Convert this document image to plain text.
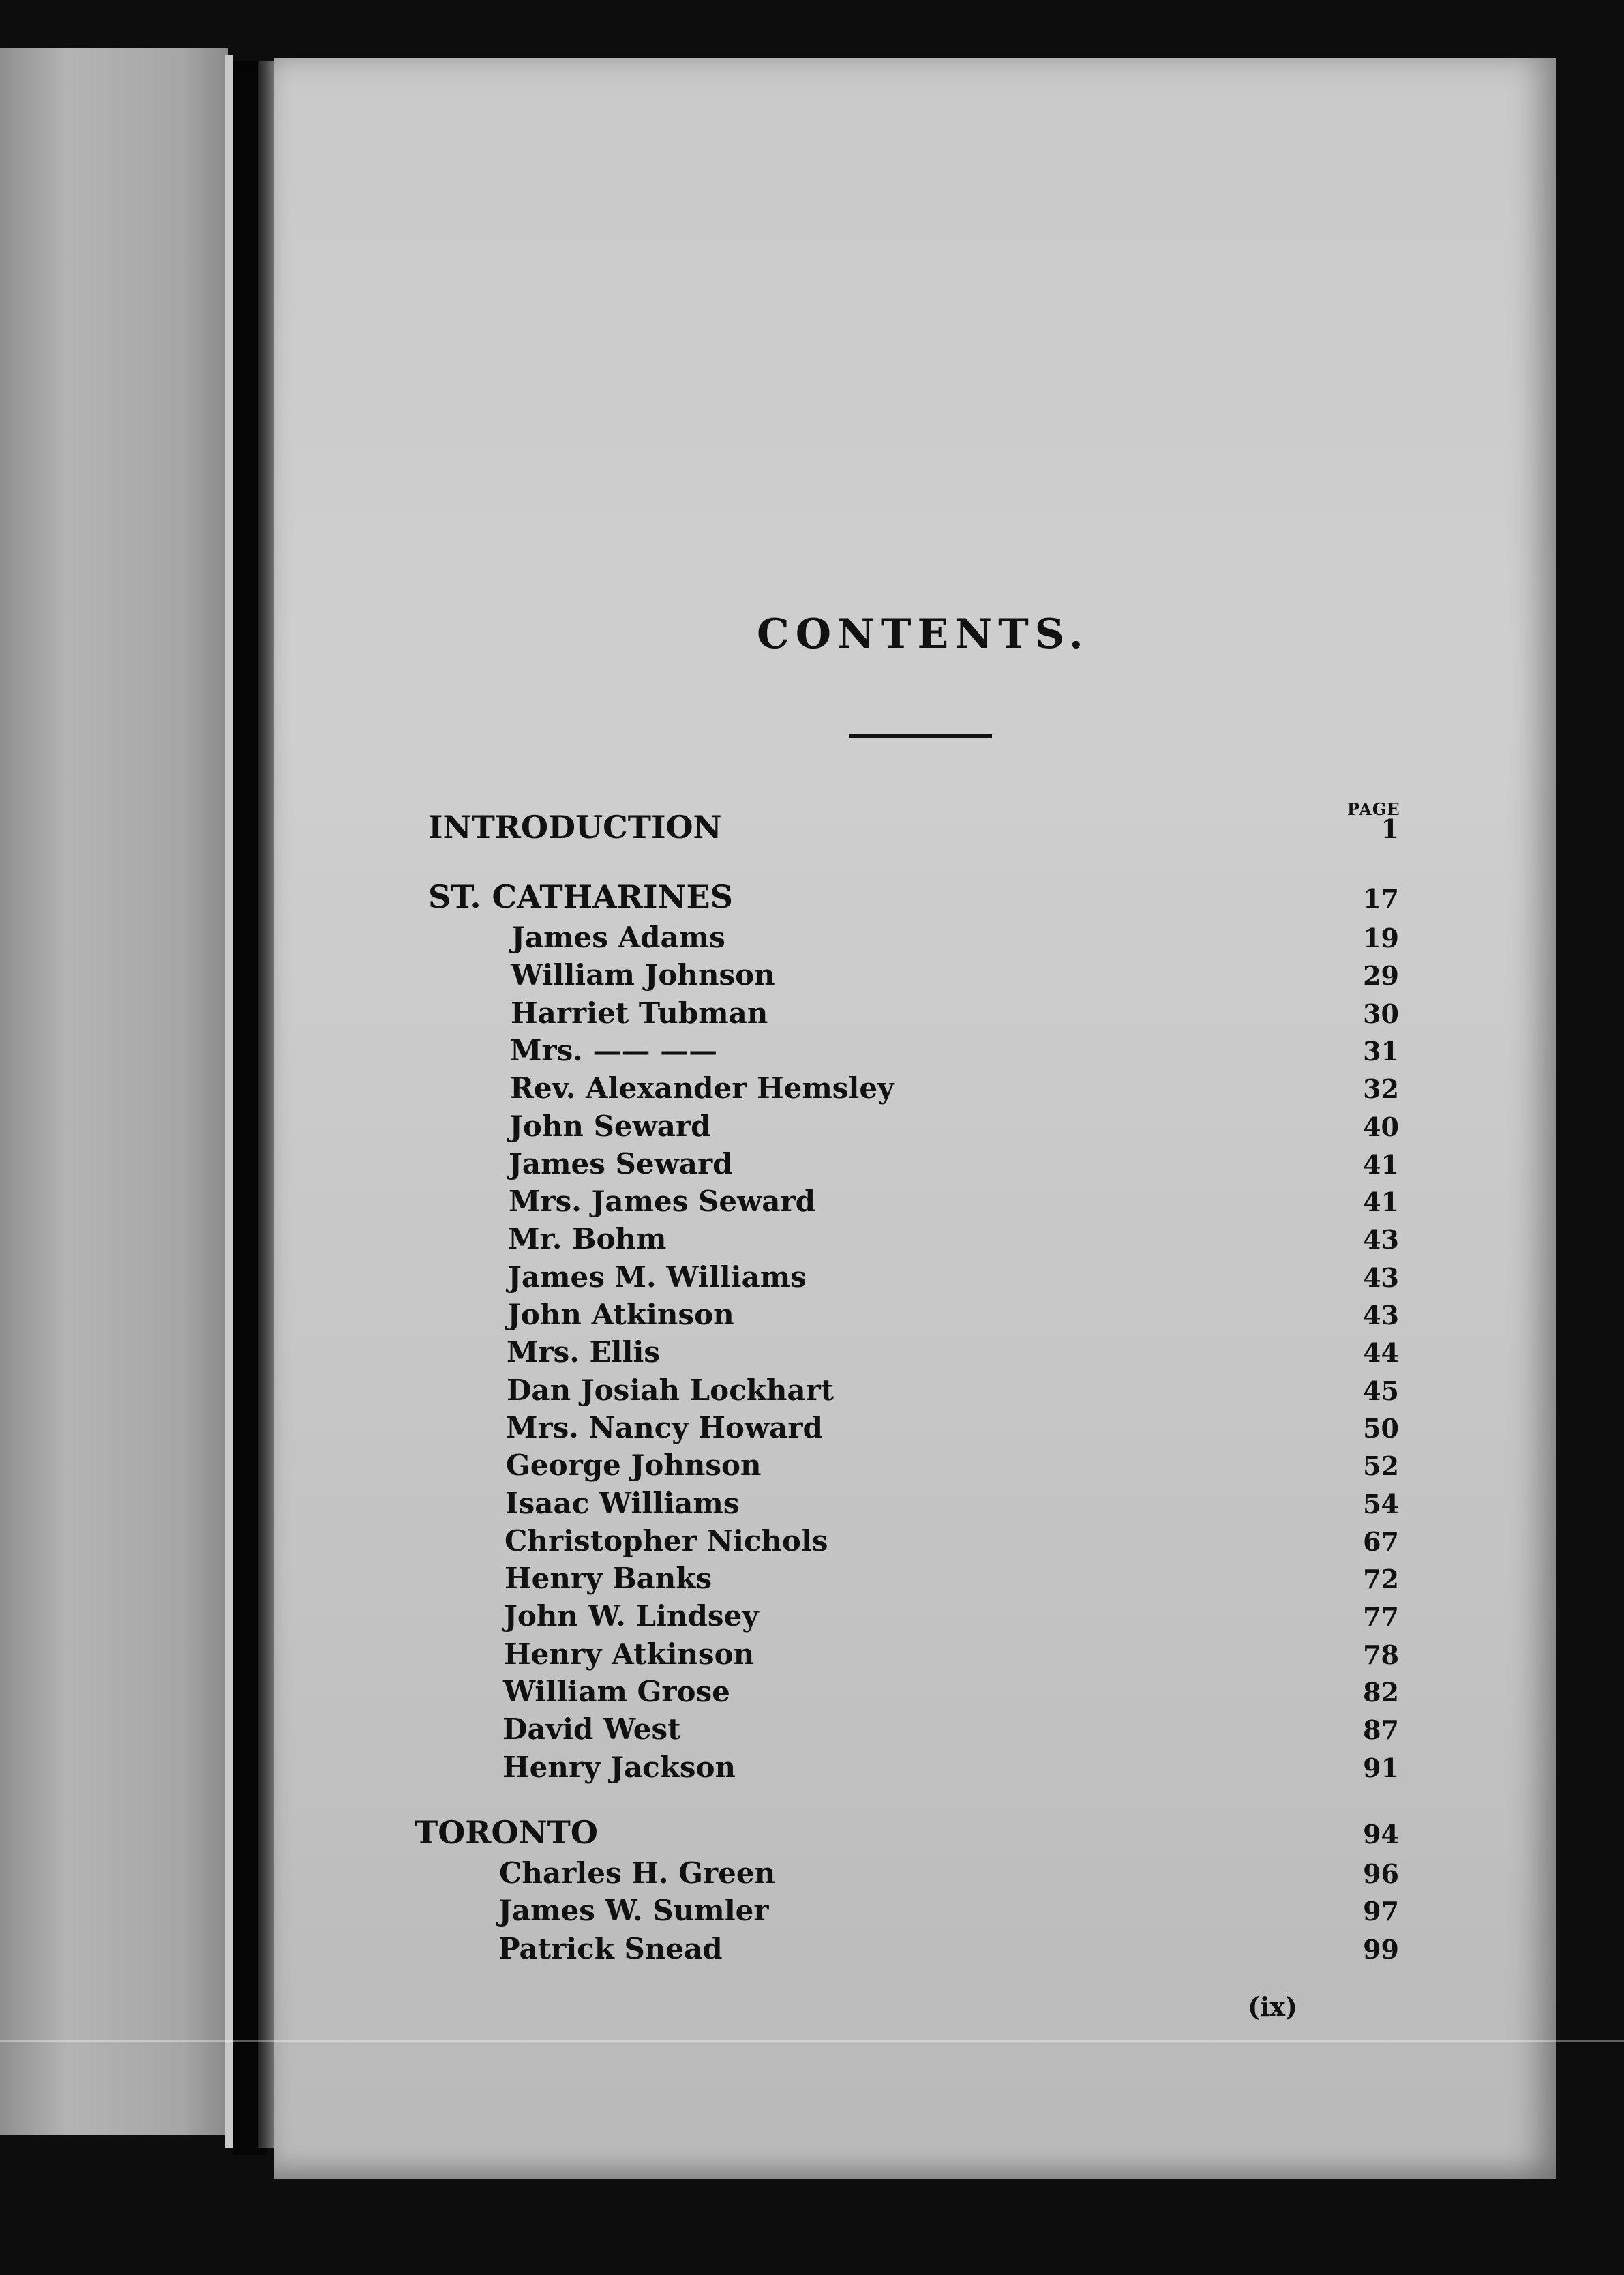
CONTENTS.
PAGE
INTRODUCTION	1
ST. CATHARINES	17
James Adams	19
William Johnson	29
Harriet Tubman	30
Mrs. —— ——	31
Rev. Alexander Hemsley	32
John Seward	40
James Seward	41
Mrs. James Seward	41
Mr. Bohm	43
James M. Williams	43
John Atkinson	43
Mrs. Ellis	44
Dan Josiah Lockhart	45
Mrs. Nancy Howard	50
George Johnson	52
Isaac Williams	54
Christopher Nichols	67
Henry Banks	72
John W. Lindsey	77
Henry Atkinson	78
William Grose	82
David West	87
Henry Jackson	91
TORONTO	94
Charles H. Green	96
James W. Sumler	97
Patrick Snead	99
(ix)
